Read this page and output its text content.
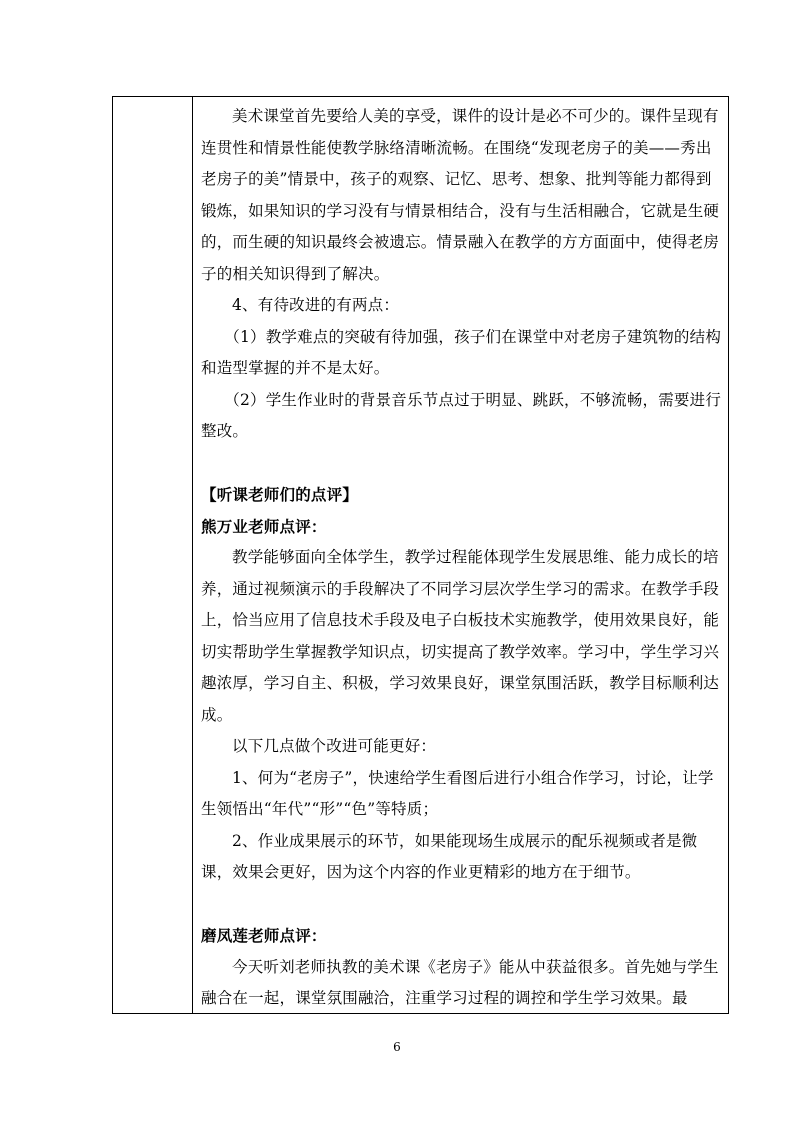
美术课堂首先要给人美的享受，课件的设计是必不可少的。课件呈现有连贯性和情景性能使教学脉络清晰流畅。在围绕“发现老房子的美——秀出老房子的美”情景中，孩子的观察、记忆、思考、想象、批判等能力都得到锻炼，如果知识的学习没有与情景相结合，没有与生活相融合，它就是生硬的，而生硬的知识最终会被遗忘。情景融入在教学的方方面面中，使得老房子的相关知识得到了解决。

4、有待改进的有两点：

（1）教学难点的突破有待加强，孩子们在课堂中对老房子建筑物的结构和造型掌握的并不是太好。

（2）学生作业时的背景音乐节点过于明显、跳跃，不够流畅，需要进行整改。

【听课老师们的点评】

熊万业老师点评：

教学能够面向全体学生，教学过程能体现学生发展思维、能力成长的培养，通过视频演示的手段解决了不同学习层次学生学习的需求。在教学手段上，恰当应用了信息技术手段及电子白板技术实施教学，使用效果良好，能切实帮助学生掌握教学知识点，切实提高了教学效率。学习中，学生学习兴趣浓厚，学习自主、积极，学习效果良好，课堂氛围活跃，教学目标顺利达成。

以下几点做个改进可能更好：

1、何为“老房子”，快速给学生看图后进行小组合作学习，讨论，让学生领悟出“年代”“形”“色”等特质；

2、作业成果展示的环节，如果能现场生成展示的配乐视频或者是微课，效果会更好，因为这个内容的作业更精彩的地方在于细节。

磨凤莲老师点评：

今天听刘老师执教的美术课《老房子》能从中获益很多。首先她与学生融合在一起，课堂氛围融洽，注重学习过程的调控和学生学习效果。最

6
